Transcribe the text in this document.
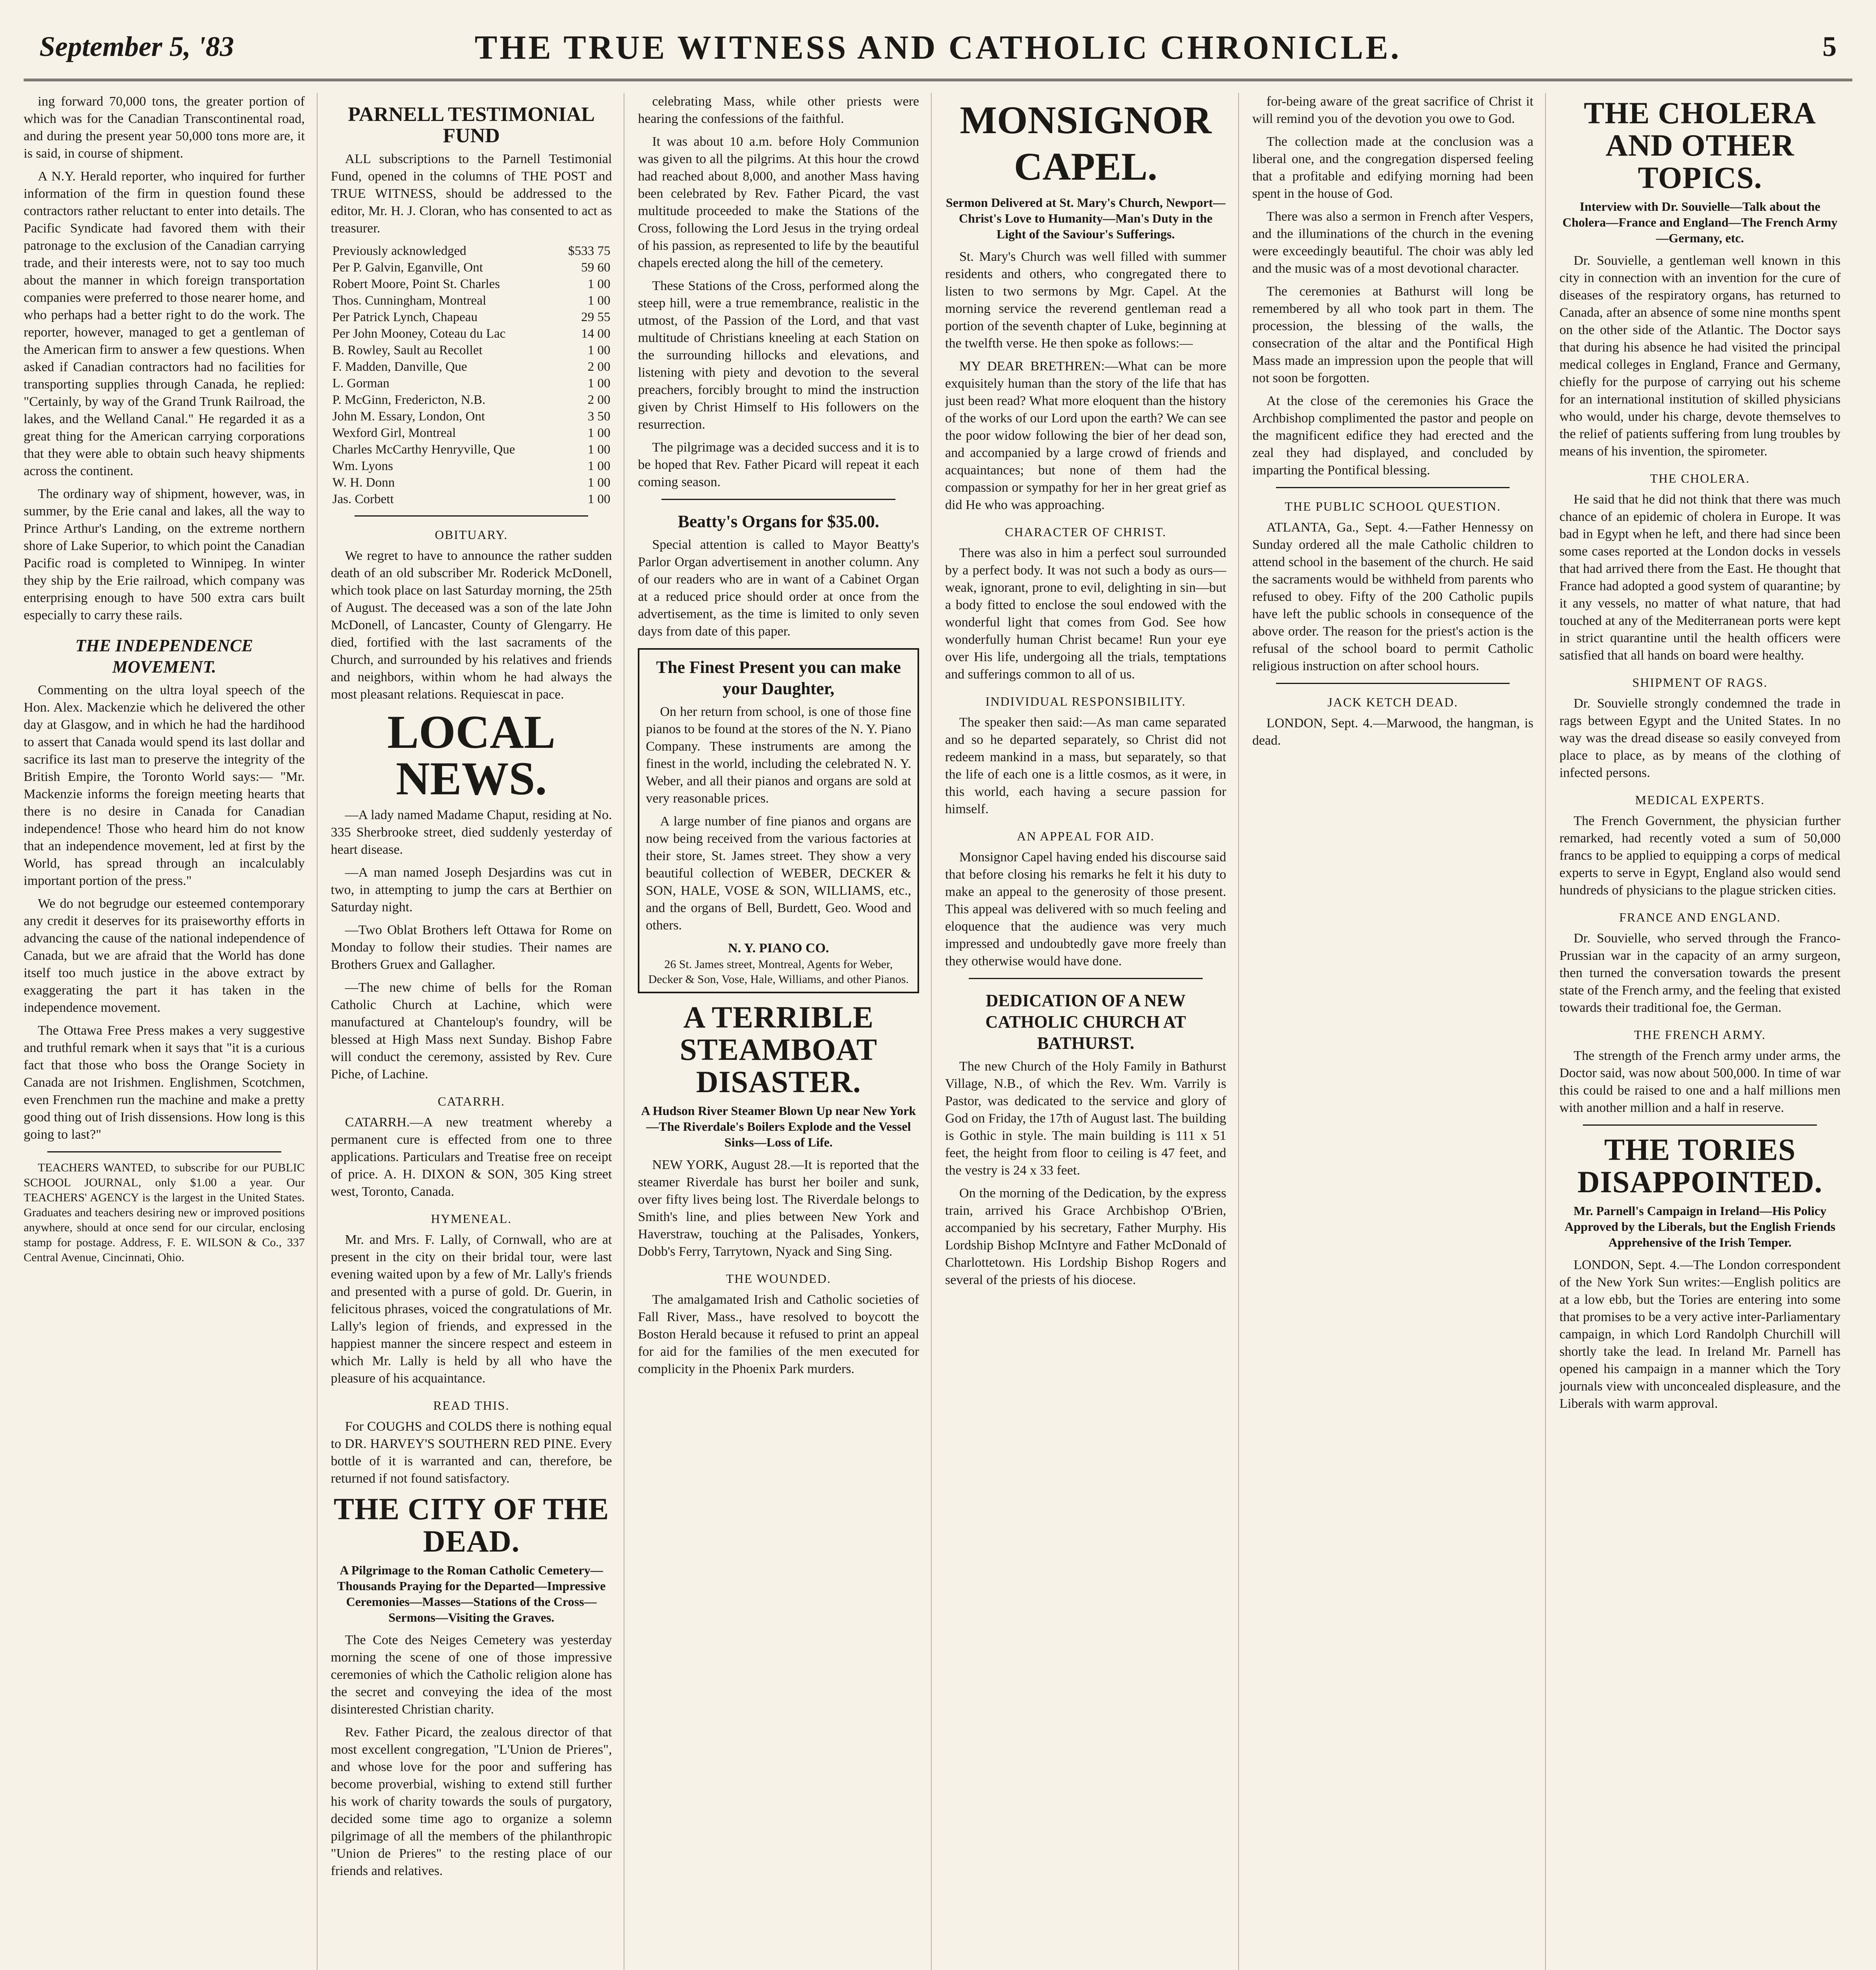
September 5, '83	THE TRUE WITNESS AND CATHOLIC CHRONICLE.	5

ing forward 70,000 tons, the greater portion of which was for the Canadian Transcontinental road, and during the present year 50,000 tons more are, it is said, in course of shipment.

A N.Y. Herald reporter, who inquired for further information of the firm in question found these contractors rather reluctant to enter into details. The Pacific Syndicate had favored them with their patronage to the exclusion of the Canadian carrying trade, and their interests were, not to say too much about the manner in which foreign transportation companies were preferred to those nearer home, and who perhaps had a better right to do the work. The reporter, however, managed to get a gentleman of the American firm to answer a few questions. When asked if Canadian contractors had no facilities for transporting supplies through Canada, he replied: "Certainly, by way of the Grand Trunk Railroad, the lakes, and the Welland Canal." He regarded it as a great thing for the American carrying corporations that they were able to obtain such heavy shipments across the continent.

The ordinary way of shipment, however, was, in summer, by the Erie canal and lakes, all the way to Prince Arthur's Landing, on the extreme northern shore of Lake Superior, to which point the Canadian Pacific road is completed to Winnipeg. In winter they ship by the Erie railroad, which company was enterprising enough to have 500 extra cars built especially to carry these rails.

THE INDEPENDENCE MOVEMENT.

Commenting on the ultra loyal speech of the Hon. Alex. Mackenzie which he delivered the other day at Glasgow, and in which he had the hardihood to assert that Canada would spend its last dollar and sacrifice its last man to preserve the integrity of the British Empire, the Toronto World says:— "Mr. Mackenzie informs the foreign meeting hearts that there is no desire in Canada for Canadian independence! Those who heard him do not know that an independence movement, led at first by the World, has spread through an incalculably important portion of the press."

We do not begrudge our esteemed contemporary any credit it deserves for its praiseworthy efforts in advancing the cause of the national independence of Canada, but we are afraid that the World has done itself too much justice in the above extract by exaggerating the part it has taken in the independence movement.

The Ottawa Free Press makes a very suggestive and truthful remark when it says that "it is a curious fact that those who boss the Orange Society in Canada are not Irishmen. Englishmen, Scotchmen, even Frenchmen run the machine and make a pretty good thing out of Irish dissensions. How long is this going to last?"

TEACHERS WANTED, to subscribe for our PUBLIC SCHOOL JOURNAL, only $1.00 a year. Our TEACHERS' AGENCY is the largest in the United States. Graduates and teachers desiring new or improved positions anywhere, should at once send for our circular, enclosing stamp for postage. Address, F. E. WILSON & Co., 337 Central Avenue, Cincinnati, Ohio.

PARNELL TESTIMONIAL FUND

ALL subscriptions to the Parnell Testimonial Fund, opened in the columns of THE POST and TRUE WITNESS, should be addressed to the editor, Mr. H. J. Cloran, who has consented to act as treasurer.

Previously acknowledged	$533 75
Per P. Galvin, Eganville, Ont	59 60
Robert Moore, Point St. Charles	1 00
Thos. Cunningham, Montreal	1 00
Per Patrick Lynch, Chapeau	29 55
Per John Mooney, Coteau du Lac	14 00
B. Rowley, Sault au Recollet	1 00
F. Madden, Danville, Que	2 00
L. Gorman	1 00
P. McGinn, Fredericton, N.B.	2 00
John M. Essary, London, Ont	3 50
Wexford Girl, Montreal	1 00
Charles McCarthy Henryville, Que	1 00
Wm. Lyons	1 00
W. H. Donn	1 00
Jas. Corbett	1 00
OBITUARY.

We regret to have to announce the rather sudden death of an old subscriber Mr. Roderick McDonell, which took place on last Saturday morning, the 25th of August. The deceased was a son of the late John McDonell, of Lancaster, County of Glengarry. He died, fortified with the last sacraments of the Church, and surrounded by his relatives and friends and neighbors, within whom he had always the most pleasant relations. Requiescat in pace.

LOCAL NEWS.

—A lady named Madame Chaput, residing at No. 335 Sherbrooke street, died suddenly yesterday of heart disease.

—A man named Joseph Desjardins was cut in two, in attempting to jump the cars at Berthier on Saturday night.

—Two Oblat Brothers left Ottawa for Rome on Monday to follow their studies. Their names are Brothers Gruex and Gallagher.

—The new chime of bells for the Roman Catholic Church at Lachine, which were manufactured at Chanteloup's foundry, will be blessed at High Mass next Sunday. Bishop Fabre will conduct the ceremony, assisted by Rev. Cure Piche, of Lachine.

CATARRH.

CATARRH.—A new treatment whereby a permanent cure is effected from one to three applications. Particulars and Treatise free on receipt of price. A. H. DIXON & SON, 305 King street west, Toronto, Canada.

HYMENEAL.

Mr. and Mrs. F. Lally, of Cornwall, who are at present in the city on their bridal tour, were last evening waited upon by a few of Mr. Lally's friends and presented with a purse of gold. Dr. Guerin, in felicitous phrases, voiced the congratulations of Mr. Lally's legion of friends, and expressed in the happiest manner the sincere respect and esteem in which Mr. Lally is held by all who have the pleasure of his acquaintance.

READ THIS.

For COUGHS and COLDS there is nothing equal to DR. HARVEY'S SOUTHERN RED PINE. Every bottle of it is warranted and can, therefore, be returned if not found satisfactory.

THE CITY OF THE DEAD.
A Pilgrimage to the Roman Catholic Cemetery—Thousands Praying for the Departed—Impressive Ceremonies—Masses—Stations of the Cross—Sermons—Visiting the Graves.

The Cote des Neiges Cemetery was yesterday morning the scene of one of those impressive ceremonies of which the Catholic religion alone has the secret and conveying the idea of the most disinterested Christian charity.

Rev. Father Picard, the zealous director of that most excellent congregation, "L'Union de Prieres", and whose love for the poor and suffering has become proverbial, wishing to extend still further his work of charity towards the souls of purgatory, decided some time ago to organize a solemn pilgrimage of all the members of the philanthropic "Union de Prieres" to the resting place of our friends and relatives.

celebrating Mass, while other priests were hearing the confessions of the faithful.

It was about 10 a.m. before Holy Communion was given to all the pilgrims. At this hour the crowd had reached about 8,000, and another Mass having been celebrated by Rev. Father Picard, the vast multitude proceeded to make the Stations of the Cross, following the Lord Jesus in the trying ordeal of his passion, as represented to life by the beautiful chapels erected along the hill of the cemetery.

These Stations of the Cross, performed along the steep hill, were a true remembrance, realistic in the utmost, of the Passion of the Lord, and that vast multitude of Christians kneeling at each Station on the surrounding hillocks and elevations, and listening with piety and devotion to the several preachers, forcibly brought to mind the instruction given by Christ Himself to His followers on the resurrection.

The pilgrimage was a decided success and it is to be hoped that Rev. Father Picard will repeat it each coming season.

Beatty's Organs for $35.00.

Special attention is called to Mayor Beatty's Parlor Organ advertisement in another column. Any of our readers who are in want of a Cabinet Organ at a reduced price should order at once from the advertisement, as the time is limited to only seven days from date of this paper.

The Finest Present you can make your Daughter,

On her return from school, is one of those fine pianos to be found at the stores of the N. Y. Piano Company. These instruments are among the finest in the world, including the celebrated N. Y. Weber, and all their pianos and organs are sold at very reasonable prices.

A large number of fine pianos and organs are now being received from the various factories at their store, St. James street. They show a very beautiful collection of WEBER, DECKER & SON, HALE, VOSE & SON, WILLIAMS, etc., and the organs of Bell, Burdett, Geo. Wood and others.

N. Y. PIANO CO.
26 St. James street, Montreal, Agents for Weber, Decker & Son, Vose, Hale, Williams, and other Pianos.
A TERRIBLE STEAMBOAT DISASTER.
A Hudson River Steamer Blown Up near New York—The Riverdale's Boilers Explode and the Vessel Sinks—Loss of Life.

NEW YORK, August 28.—It is reported that the steamer Riverdale has burst her boiler and sunk, over fifty lives being lost. The Riverdale belongs to Smith's line, and plies between New York and Haverstraw, touching at the Palisades, Yonkers, Dobb's Ferry, Tarrytown, Nyack and Sing Sing.

THE WOUNDED.

The amalgamated Irish and Catholic societies of Fall River, Mass., have resolved to boycott the Boston Herald because it refused to print an appeal for aid for the families of the men executed for complicity in the Phoenix Park murders.

MONSIGNOR CAPEL.
Sermon Delivered at St. Mary's Church, Newport—Christ's Love to Humanity—Man's Duty in the Light of the Saviour's Sufferings.

St. Mary's Church was well filled with summer residents and others, who congregated there to listen to two sermons by Mgr. Capel. At the morning service the reverend gentleman read a portion of the seventh chapter of Luke, beginning at the twelfth verse. He then spoke as follows:—

MY DEAR BRETHREN:—What can be more exquisitely human than the story of the life that has just been read? What more eloquent than the history of the works of our Lord upon the earth? We can see the poor widow following the bier of her dead son, and accompanied by a large crowd of friends and acquaintances; but none of them had the compassion or sympathy for her in her great grief as did He who was approaching.

CHARACTER OF CHRIST.

There was also in him a perfect soul surrounded by a perfect body. It was not such a body as ours—weak, ignorant, prone to evil, delighting in sin—but a body fitted to enclose the soul endowed with the wonderful light that comes from God. See how wonderfully human Christ became! Run your eye over His life, undergoing all the trials, temptations and sufferings common to all of us.

INDIVIDUAL RESPONSIBILITY.

The speaker then said:—As man came separated and so he departed separately, so Christ did not redeem mankind in a mass, but separately, so that the life of each one is a little cosmos, as it were, in this world, each having a secure passion for himself.

AN APPEAL FOR AID.

Monsignor Capel having ended his discourse said that before closing his remarks he felt it his duty to make an appeal to the generosity of those present. This appeal was delivered with so much feeling and eloquence that the audience was very much impressed and undoubtedly gave more freely than they otherwise would have done.

DEDICATION OF A NEW CATHOLIC CHURCH AT BATHURST.

The new Church of the Holy Family in Bathurst Village, N.B., of which the Rev. Wm. Varrily is Pastor, was dedicated to the service and glory of God on Friday, the 17th of August last. The building is Gothic in style. The main building is 111 x 51 feet, the height from floor to ceiling is 47 feet, and the vestry is 24 x 33 feet.

On the morning of the Dedication, by the express train, arrived his Grace Archbishop O'Brien, accompanied by his secretary, Father Murphy. His Lordship Bishop McIntyre and Father McDonald of Charlottetown. His Lordship Bishop Rogers and several of the priests of his diocese.

for-being aware of the great sacrifice of Christ it will remind you of the devotion you owe to God.

The collection made at the conclusion was a liberal one, and the congregation dispersed feeling that a profitable and edifying morning had been spent in the house of God.

There was also a sermon in French after Vespers, and the illuminations of the church in the evening were exceedingly beautiful. The choir was ably led and the music was of a most devotional character.

The ceremonies at Bathurst will long be remembered by all who took part in them. The procession, the blessing of the walls, the consecration of the altar and the Pontifical High Mass made an impression upon the people that will not soon be forgotten.

At the close of the ceremonies his Grace the Archbishop complimented the pastor and people on the magnificent edifice they had erected and the zeal they had displayed, and concluded by imparting the Pontifical blessing.

THE PUBLIC SCHOOL QUESTION.

ATLANTA, Ga., Sept. 4.—Father Hennessy on Sunday ordered all the male Catholic children to attend school in the basement of the church. He said the sacraments would be withheld from parents who refused to obey. Fifty of the 200 Catholic pupils have left the public schools in consequence of the above order. The reason for the priest's action is the refusal of the school board to permit Catholic religious instruction on after school hours.

JACK KETCH DEAD.

LONDON, Sept. 4.—Marwood, the hangman, is dead.

THE CHOLERA AND OTHER TOPICS.
Interview with Dr. Souvielle—Talk about the Cholera—France and England—The French Army—Germany, etc.

Dr. Souvielle, a gentleman well known in this city in connection with an invention for the cure of diseases of the respiratory organs, has returned to Canada, after an absence of some nine months spent on the other side of the Atlantic. The Doctor says that during his absence he had visited the principal medical colleges in England, France and Germany, chiefly for the purpose of carrying out his scheme for an international institution of skilled physicians who would, under his charge, devote themselves to the relief of patients suffering from lung troubles by means of his invention, the spirometer.

THE CHOLERA.

He said that he did not think that there was much chance of an epidemic of cholera in Europe. It was bad in Egypt when he left, and there had since been some cases reported at the London docks in vessels that had arrived there from the East. He thought that France had adopted a good system of quarantine; by it any vessels, no matter of what nature, that had touched at any of the Mediterranean ports were kept in strict quarantine until the health officers were satisfied that all hands on board were healthy.

SHIPMENT OF RAGS.

Dr. Souvielle strongly condemned the trade in rags between Egypt and the United States. In no way was the dread disease so easily conveyed from place to place, as by means of the clothing of infected persons.

MEDICAL EXPERTS.

The French Government, the physician further remarked, had recently voted a sum of 50,000 francs to be applied to equipping a corps of medical experts to serve in Egypt, England also would send hundreds of physicians to the plague stricken cities.

FRANCE AND ENGLAND.

Dr. Souvielle, who served through the Franco-Prussian war in the capacity of an army surgeon, then turned the conversation towards the present state of the French army, and the feeling that existed towards their traditional foe, the German.

THE FRENCH ARMY.

The strength of the French army under arms, the Doctor said, was now about 500,000. In time of war this could be raised to one and a half millions men with another million and a half in reserve.

THE TORIES DISAPPOINTED.
Mr. Parnell's Campaign in Ireland—His Policy Approved by the Liberals, but the English Friends Apprehensive of the Irish Temper.

LONDON, Sept. 4.—The London correspondent of the New York Sun writes:—English politics are at a low ebb, but the Tories are entering into some that promises to be a very active inter-Parliamentary campaign, in which Lord Randolph Churchill will shortly take the lead. In Ireland Mr. Parnell has opened his campaign in a manner which the Tory journals view with unconcealed displeasure, and the Liberals with warm approval.
